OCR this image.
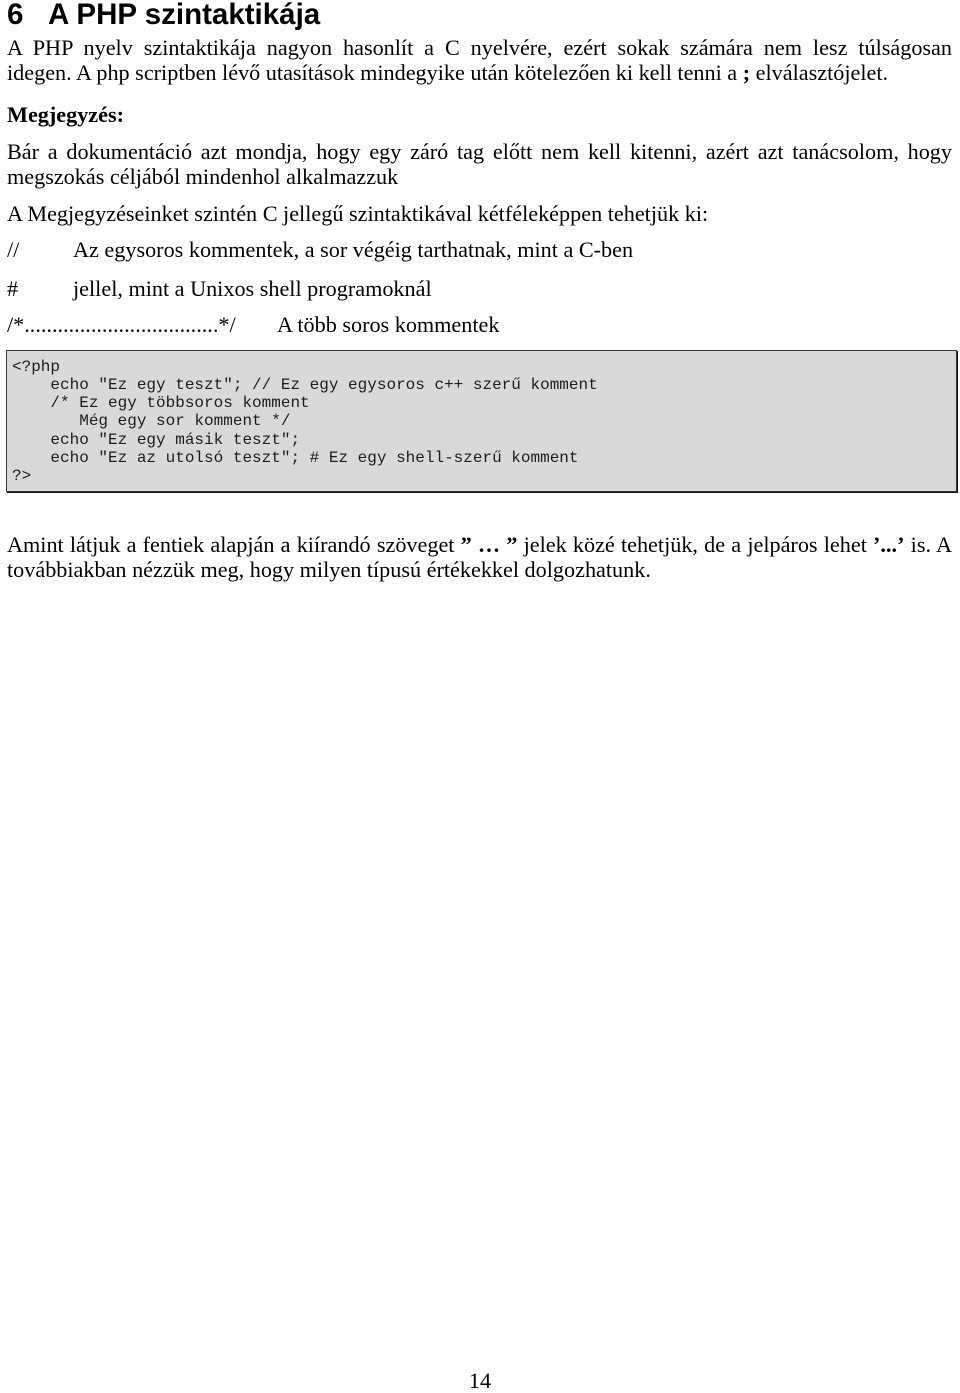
6 A PHP szintaktikája
A PHP nyelv szintaktikája nagyon hasonlít a C nyelvére, ezért sokak számára nem lesz túlságosan
idegen. A php scriptben lévő utasítások mindegyike után kötelezően ki kell tenni a ; elválasztójelet.
Megjegyzés:
Bár a dokumentáció azt mondja, hogy egy záró tag előtt nem kell kitenni, azért azt tanácsolom, hogy
megszokás céljából mindenhol alkalmazzuk
A Megjegyzéseinket szintén C jellegű szintaktikával kétféleképpen tehetjük ki:
// Az egysoros kommentek, a sor végéig tarthatnak, mint a C-ben
# jellel, mint a Unixos shell programoknál
/*...................................*/ A több soros kommentek
<?php
echo "Ez egy teszt"; // Ez egy egysoros c++ szerű komment
/* Ez egy többsoros komment
Még egy sor komment */
echo "Ez egy másik teszt";
echo "Ez az utolsó teszt"; # Ez egy shell-szerű komment
?>
Amint látjuk a fentiek alapján a kiírandó szöveget ” … ” jelek közé tehetjük, de a jelpáros lehet ’...’ is. A
továbbiakban nézzük meg, hogy milyen típusú értékekkel dolgozhatunk.
14
